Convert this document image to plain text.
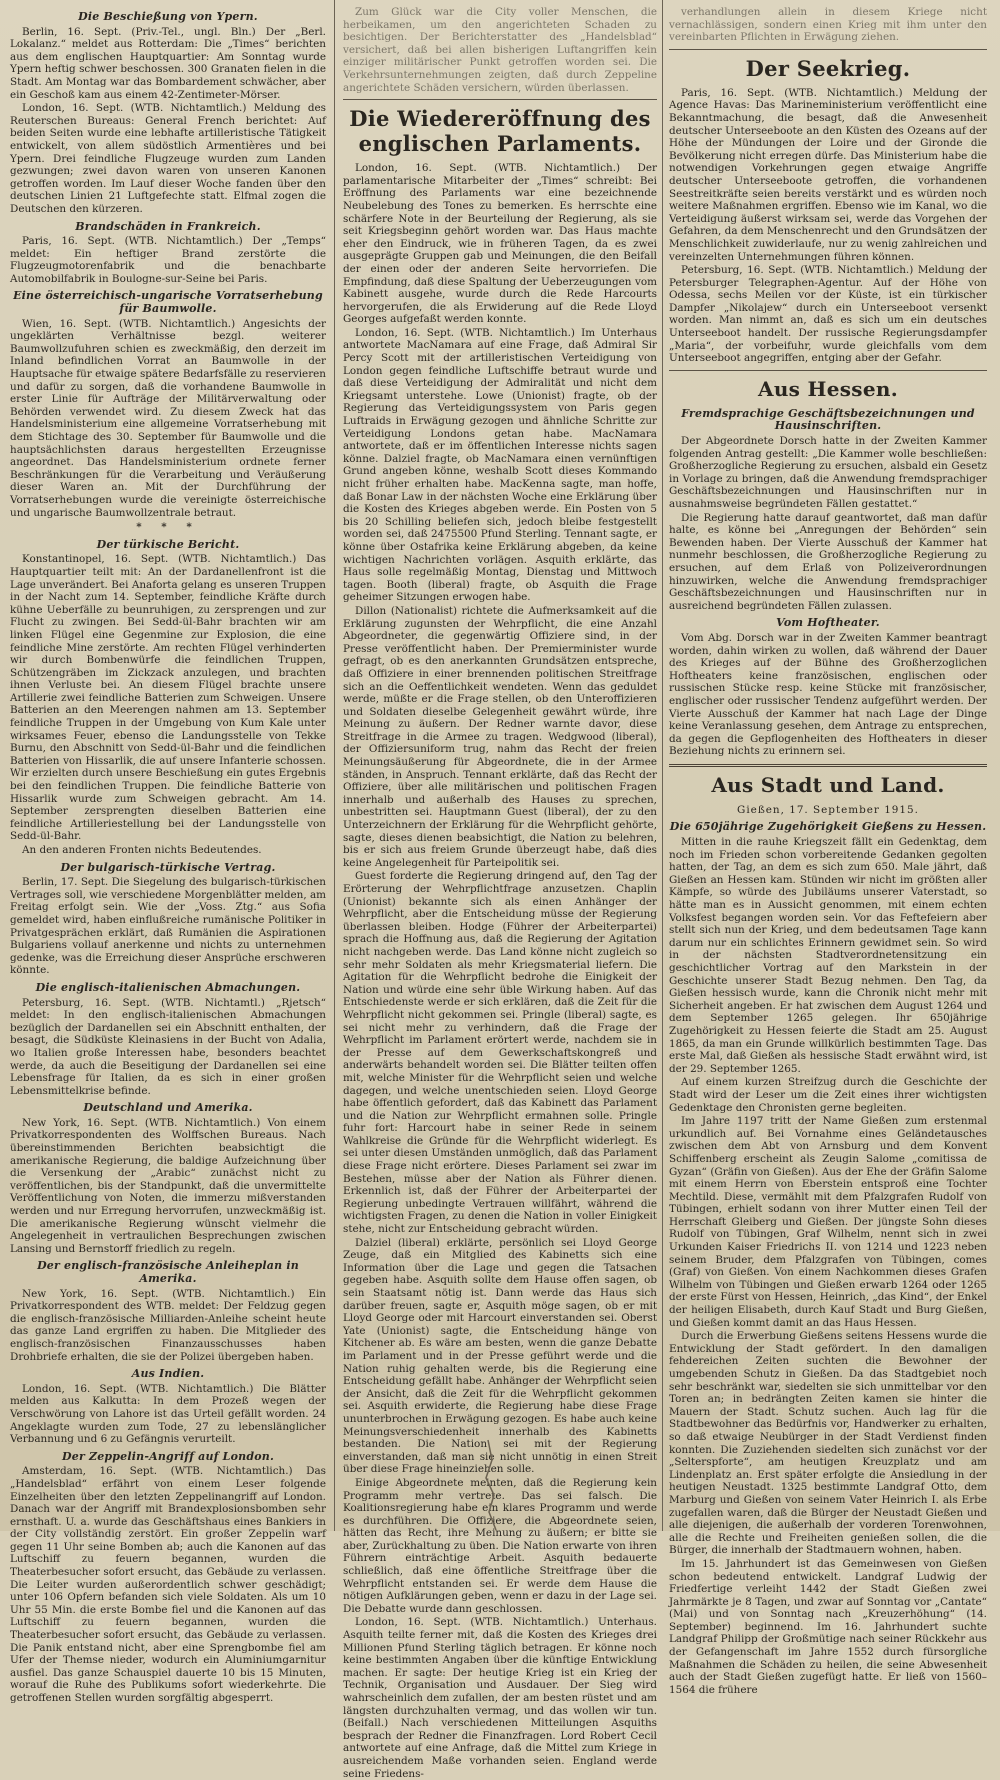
Die Beschießung von Ypern.

Berlin, 16. Sept. (Priv.-Tel., ungl. Bln.) Der „Berl. Lokalanz.“ meldet aus Rotterdam: Die „Times“ berichten aus dem englischen Hauptquartier: Am Sonntag wurde Ypern heftig schwer beschossen. 300 Granaten fielen in die Stadt. Am Montag war das Bombardement schwächer, aber ein Geschoß kam aus einem 42-Zentimeter-Mörser.

London, 16. Sept. (WTB. Nichtamtlich.) Meldung des Reuterschen Bureaus: General French berichtet: Auf beiden Seiten wurde eine lebhafte artilleristische Tätigkeit entwickelt, von allem südöstlich Armentières und bei Ypern. Drei feindliche Flugzeuge wurden zum Landen gezwungen; zwei davon waren von unseren Kanonen getroffen worden. Im Lauf dieser Woche fanden über den deutschen Linien 21 Luftgefechte statt. Elfmal zogen die Deutschen den kürzeren.

Brandschäden in Frankreich.

Paris, 16. Sept. (WTB. Nichtamtlich.) Der „Temps“ meldet: Ein heftiger Brand zerstörte die Flugzeugmotorenfabrik und die benachbarte Automobilfabrik in Boulogne-sur-Seine bei Paris.

Eine österreichisch-ungarische Vorratserhebung für Baumwolle.

Wien, 16. Sept. (WTB. Nichtamtlich.) Angesichts der ungeklärten Verhältnisse bezgl. weiterer Baumwollzufuhren schien es zweckmäßig, den derzeit im Inland befindlichen Vorrat an Baumwolle in der Hauptsache für etwaige spätere Bedarfsfälle zu reservieren und dafür zu sorgen, daß die vorhandene Baumwolle in erster Linie für Aufträge der Militärverwaltung oder Behörden verwendet wird. Zu diesem Zweck hat das Handelsministerium eine allgemeine Vorratserhebung mit dem Stichtage des 30. September für Baumwolle und die hauptsächlichsten daraus hergestellten Erzeugnisse angeordnet. Das Handelsministerium ordnete ferner Beschränkungen für die Verarbeitung und Veräußerung dieser Waren an. Mit der Durchführung der Vorratserhebungen wurde die vereinigte österreichische und ungarische Baumwollzentrale betraut.

* * *
Der türkische Bericht.

Konstantinopel, 16. Sept. (WTB. Nichtamtlich.) Das Hauptquartier teilt mit: An der Dardanellenfront ist die Lage unverändert. Bei Anaforta gelang es unseren Truppen in der Nacht zum 14. September, feindliche Kräfte durch kühne Ueberfälle zu beunruhigen, zu zersprengen und zur Flucht zu zwingen. Bei Sedd-ül-Bahr brachten wir am linken Flügel eine Gegenmine zur Explosion, die eine feindliche Mine zerstörte. Am rechten Flügel verhinderten wir durch Bombenwürfe die feindlichen Truppen, Schützengräben im Zickzack anzulegen, und brachten ihnen Verluste bei. An diesem Flügel brachte unsere Artillerie zwei feindliche Batterien zum Schweigen. Unsere Batterien an den Meerengen nahmen am 13. September feindliche Truppen in der Umgebung von Kum Kale unter wirksames Feuer, ebenso die Landungsstelle von Tekke Burnu, den Abschnitt von Sedd-ül-Bahr und die feindlichen Batterien von Hissarlik, die auf unsere Infanterie schossen. Wir erzielten durch unsere Beschießung ein gutes Ergebnis bei den feindlichen Truppen. Die feindliche Batterie von Hissarlik wurde zum Schweigen gebracht. Am 14. September zersprengten dieselben Batterien eine feindliche Artilleriestellung bei der Landungsstelle von Sedd-ül-Bahr.

An den anderen Fronten nichts Bedeutendes.

Der bulgarisch-türkische Vertrag.

Berlin, 17. Sept. Die Siegelung des bulgarisch-türkischen Vertrages soll, wie verschiedene Morgenblätter melden, am Freitag erfolgt sein. Wie der „Voss. Ztg.“ aus Sofia gemeldet wird, haben einflußreiche rumänische Politiker in Privatgesprächen erklärt, daß Rumänien die Aspirationen Bulgariens vollauf anerkenne und nichts zu unternehmen gedenke, was die Erreichung dieser Ansprüche erschweren könnte.

Die englisch-italienischen Abmachungen.

Petersburg, 16. Sept. (WTB. Nichtamtl.) „Rjetsch“ meldet: In den englisch-italienischen Abmachungen bezüglich der Dardanellen sei ein Abschnitt enthalten, der besagt, die Südküste Kleinasiens in der Bucht von Adalia, wo Italien große Interessen habe, besonders beachtet werde, da auch die Beseitigung der Dardanellen sei eine Lebensfrage für Italien, da es sich in einer großen Lebensmittelkrise befinde.

Deutschland und Amerika.

New York, 16. Sept. (WTB. Nichtamtlich.) Von einem Privatkorrespondenten des Wolffschen Bureaus. Nach übereinstimmenden Berichten beabsichtigt die amerikanische Regierung, die baldige Aufzeichnung über die Versenkung der „Arabic“ zunächst nicht zu veröffentlichen, bis der Standpunkt, daß die unvermittelte Veröffentlichung von Noten, die immerzu mißverstanden werden und nur Erregung hervorrufen, unzweckmäßig ist. Die amerikanische Regierung wünscht vielmehr die Angelegenheit in vertraulichen Besprechungen zwischen Lansing und Bernstorff friedlich zu regeln.

Der englisch-französische Anleiheplan in Amerika.

New York, 16. Sept. (WTB. Nichtamtlich.) Ein Privatkorrespondent des WTB. meldet: Der Feldzug gegen die englisch-französische Milliarden-Anleihe scheint heute das ganze Land ergriffen zu haben. Die Mitglieder des englisch-französischen Finanzausschusses haben Drohbriefe erhalten, die sie der Polizei übergeben haben.

Aus Indien.

London, 16. Sept. (WTB. Nichtamtlich.) Die Blätter melden aus Kalkutta: In dem Prozeß wegen der Verschwörung von Lahore ist das Urteil gefällt worden. 24 Angeklagte wurden zum Tode, 27 zu lebenslänglicher Verbannung und 6 zu Gefängnis verurteilt.

Der Zeppelin-Angriff auf London.

Amsterdam, 16. Sept. (WTB. Nichtamtlich.) Das „Handelsblad“ erfährt von einem Leser folgende Einzelheiten über den letzten Zeppelinangriff auf London. Danach war der Angriff mit Brandexplosionsbomben sehr ernsthaft. U. a. wurde das Geschäftshaus eines Bankiers in der City vollständig zerstört. Ein großer Zeppelin warf gegen 11 Uhr seine Bomben ab; auch die Kanonen auf das Luftschiff zu feuern begannen, wurden die Theaterbesucher sofort ersucht, das Gebäude zu verlassen. Die Leiter wurden außerordentlich schwer geschädigt; unter 106 Opfern befanden sich viele Soldaten. Als um 10 Uhr 55 Min. die erste Bombe fiel und die Kanonen auf das Luftschiff zu feuern begannen, wurden die Theaterbesucher sofort ersucht, das Gebäude zu verlassen. Die Panik entstand nicht, aber eine Sprengbombe fiel am Ufer der Themse nieder, wodurch ein Aluminiumgarnitur ausfiel. Das ganze Schauspiel dauerte 10 bis 15 Minuten, worauf die Ruhe des Publikums sofort wiederkehrte. Die getroffenen Stellen wurden sorgfältig abgesperrt.

Zum Glück war die City voller Menschen, die herbeikamen, um den angerichteten Schaden zu besichtigen. Der Berichterstatter des „Handelsblad“ versichert, daß bei allen bisherigen Luftangriffen kein einziger militärischer Punkt getroffen worden sei. Die Verkehrsunternehmungen zeigten, daß durch Zeppeline angerichtete Schäden versichern, würden überlassen.

Die Wiedereröffnung des englischen Parlaments.

London, 16. Sept. (WTB. Nichtamtlich.) Der parlamentarische Mitarbeiter der „Times“ schreibt: Bei Eröffnung des Parlaments war eine bezeichnende Neubelebung des Tones zu bemerken. Es herrschte eine schärfere Note in der Beurteilung der Regierung, als sie seit Kriegsbeginn gehört worden war. Das Haus machte eher den Eindruck, wie in früheren Tagen, da es zwei ausgeprägte Gruppen gab und Meinungen, die den Beifall der einen oder der anderen Seite hervorriefen. Die Empfindung, daß diese Spaltung der Ueberzeugungen vom Kabinett ausgehe, wurde durch die Rede Harcourts hervorgerufen, die als Erwiderung auf die Rede Lloyd Georges aufgefaßt werden konnte.

London, 16. Sept. (WTB. Nichtamtlich.) Im Unterhaus antwortete MacNamara auf eine Frage, daß Admiral Sir Percy Scott mit der artilleristischen Verteidigung von London gegen feindliche Luftschiffe betraut wurde und daß diese Verteidigung der Admiralität und nicht dem Kriegsamt unterstehe. Lowe (Unionist) fragte, ob der Regierung das Verteidigungssystem von Paris gegen Luftraids in Erwägung gezogen und ähnliche Schritte zur Verteidigung Londons getan habe. MacNamara antwortete, daß er im öffentlichen Interesse nichts sagen könne. Dalziel fragte, ob MacNamara einen vernünftigen Grund angeben könne, weshalb Scott dieses Kommando nicht früher erhalten habe. MacKenna sagte, man hoffe, daß Bonar Law in der nächsten Woche eine Erklärung über die Kosten des Krieges abgeben werde. Ein Posten von 5 bis 20 Schilling beliefen sich, jedoch bleibe festgestellt worden sei, daß 2475500 Pfund Sterling. Tennant sagte, er könne über Ostafrika keine Erklärung abgeben, da keine wichtigen Nachrichten vorlägen. Asquith erklärte, das Haus solle regelmäßig Montag, Dienstag und Mittwoch tagen. Booth (liberal) fragte, ob Asquith die Frage geheimer Sitzungen erwogen habe.

Dillon (Nationalist) richtete die Aufmerksamkeit auf die Erklärung zugunsten der Wehrpflicht, die eine Anzahl Abgeordneter, die gegenwärtig Offiziere sind, in der Presse veröffentlicht haben. Der Premierminister wurde gefragt, ob es den anerkannten Grundsätzen entspreche, daß Offiziere in einer brennenden politischen Streitfrage sich an die Oeffentlichkeit wendeten. Wenn das geduldet werde, müßte er die Frage stellen, ob den Unteroffizieren und Soldaten dieselbe Gelegenheit gewährt würde, ihre Meinung zu äußern. Der Redner warnte davor, diese Streitfrage in die Armee zu tragen. Wedgwood (liberal), der Offiziersuniform trug, nahm das Recht der freien Meinungsäußerung für Abgeordnete, die in der Armee ständen, in Anspruch. Tennant erklärte, daß das Recht der Offiziere, über alle militärischen und politischen Fragen innerhalb und außerhalb des Hauses zu sprechen, unbestritten sei. Hauptmann Guest (liberal), der zu den Unterzeichnern der Erklärung für die Wehrpflicht gehörte, sagte, dieses dienen beabsichtigt, die Nation zu belehren, bis er sich aus freiem Grunde überzeugt habe, daß dies keine Angelegenheit für Parteipolitik sei.

Guest forderte die Regierung dringend auf, den Tag der Erörterung der Wehrpflichtfrage anzusetzen. Chaplin (Unionist) bekannte sich als einen Anhänger der Wehrpflicht, aber die Entscheidung müsse der Regierung überlassen bleiben. Hodge (Führer der Arbeiterpartei) sprach die Hoffnung aus, daß die Regierung der Agitation nicht nachgeben werde. Das Land könne nicht zugleich so sehr mehr Soldaten als mehr Kriegsmaterial liefern. Die Agitation für die Wehrpflicht bedrohe die Einigkeit der Nation und würde eine sehr üble Wirkung haben. Auf das Entschiedenste werde er sich erklären, daß die Zeit für die Wehrpflicht nicht gekommen sei. Pringle (liberal) sagte, es sei nicht mehr zu verhindern, daß die Frage der Wehrpflicht im Parlament erörtert werde, nachdem sie in der Presse auf dem Gewerkschaftskongreß und anderwärts behandelt worden sei. Die Blätter teilten offen mit, welche Minister für die Wehrpflicht seien und welche dagegen, und welche unentschieden seien. Lloyd George habe öffentlich gefordert, daß das Kabinett das Parlament und die Nation zur Wehrpflicht ermahnen solle. Pringle fuhr fort: Harcourt habe in seiner Rede in seinem Wahlkreise die Gründe für die Wehrpflicht widerlegt. Es sei unter diesen Umständen unmöglich, daß das Parlament diese Frage nicht erörtere. Dieses Parlament sei zwar im Bestehen, müsse aber der Nation als Führer dienen. Erkennlich ist, daß der Führer der Arbeiterpartei der Regierung unbedingte Vertrauen willfährt, während die wichtigsten Fragen, zu denen die Nation in voller Einigkeit stehe, nicht zur Entscheidung gebracht würden.

Dalziel (liberal) erklärte, persönlich sei Lloyd George Zeuge, daß ein Mitglied des Kabinetts sich eine Information über die Lage und gegen die Tatsachen gegeben habe. Asquith sollte dem Hause offen sagen, ob sein Staatsamt nötig ist. Dann werde das Haus sich darüber freuen, sagte er, Asquith möge sagen, ob er mit Lloyd George oder mit Harcourt einverstanden sei. Oberst Yate (Unionist) sagte, die Entscheidung hänge von Kitchener ab. Es wäre am besten, wenn die ganze Debatte im Parlament und in der Presse geführt werde und die Nation ruhig gehalten werde, bis die Regierung eine Entscheidung gefällt habe. Anhänger der Wehrpflicht seien der Ansicht, daß die Zeit für die Wehrpflicht gekommen sei. Asquith erwiderte, die Regierung habe diese Frage ununterbrochen in Erwägung gezogen. Es habe auch keine Meinungsverschiedenheit innerhalb des Kabinetts bestanden. Die Nation sei mit der Regierung einverstanden, daß man sie nicht unnötig in einen Streit über diese Frage hineinziehen solle.

Einige Abgeordnete meinten, daß die Regierung kein Programm mehr vertrete. Das sei falsch. Die Koalitionsregierung habe ein klares Programm und werde es durchführen. Die Offiziere, die Abgeordnete seien, hätten das Recht, ihre Meinung zu äußern; er bitte sie aber, Zurückhaltung zu üben. Die Nation erwarte von ihren Führern einträchtige Arbeit. Asquith bedauerte schließlich, daß eine öffentliche Streitfrage über die Wehrpflicht entstanden sei. Er werde dem Hause die nötigen Aufklärungen geben, wenn er dazu in der Lage sei. Die Debatte wurde dann geschlossen.

London, 16. Sept. (WTB. Nichtamtlich.) Unterhaus. Asquith teilte ferner mit, daß die Kosten des Krieges drei Millionen Pfund Sterling täglich betragen. Er könne noch keine bestimmten Angaben über die künftige Entwicklung machen. Er sagte: Der heutige Krieg ist ein Krieg der Technik, Organisation und Ausdauer. Der Sieg wird wahrscheinlich dem zufallen, der am besten rüstet und am längsten durchzuhalten vermag, und das wollen wir tun. (Beifall.) Nach verschiedenen Mitteilungen Asquiths besprach der Redner die Finanzfragen. Lord Robert Cecil antwortete auf eine Anfrage, daß die Mittel zum Kriege in ausreichendem Maße vorhanden seien. England werde seine Friedens-

verhandlungen allein in diesem Kriege nicht vernachlässigen, sondern einen Krieg mit ihm unter den vereinbarten Pflichten in Erwägung ziehen.

Der Seekrieg.

Paris, 16. Sept. (WTB. Nichtamtlich.) Meldung der Agence Havas: Das Marineministerium veröffentlicht eine Bekanntmachung, die besagt, daß die Anwesenheit deutscher Unterseeboote an den Küsten des Ozeans auf der Höhe der Mündungen der Loire und der Gironde die Bevölkerung nicht erregen dürfe. Das Ministerium habe die notwendigen Vorkehrungen gegen etwaige Angriffe deutscher Unterseeboote getroffen, die vorhandenen Seestreitkräfte seien bereits verstärkt und es würden noch weitere Maßnahmen ergriffen. Ebenso wie im Kanal, wo die Verteidigung äußerst wirksam sei, werde das Vorgehen der Gefahren, da dem Menschenrecht und den Grundsätzen der Menschlichkeit zuwiderlaufe, nur zu wenig zahlreichen und vereinzelten Unternehmungen führen können.

Petersburg, 16. Sept. (WTB. Nichtamtlich.) Meldung der Petersburger Telegraphen-Agentur. Auf der Höhe von Odessa, sechs Meilen vor der Küste, ist ein türkischer Dampfer „Nikolajew“ durch ein Unterseeboot versenkt worden. Man nimmt an, daß es sich um ein deutsches Unterseeboot handelt. Der russische Regierungsdampfer „Maria“, der vorbeifuhr, wurde gleichfalls vom dem Unterseeboot angegriffen, entging aber der Gefahr.

Aus Hessen.
Fremdsprachige Geschäftsbezeichnungen und Hausinschriften.

Der Abgeordnete Dorsch hatte in der Zweiten Kammer folgenden Antrag gestellt: „Die Kammer wolle beschließen: Großherzogliche Regierung zu ersuchen, alsbald ein Gesetz in Vorlage zu bringen, daß die Anwendung fremdsprachiger Geschäftsbezeichnungen und Hausinschriften nur in ausnahmsweise begründeten Fällen gestattet.“

Die Regierung hatte darauf geantwortet, daß man dafür halte, es könne bei „Anregungen der Behörden“ sein Bewenden haben. Der Vierte Ausschuß der Kammer hat nunmehr beschlossen, die Großherzogliche Regierung zu ersuchen, auf dem Erlaß von Polizeiverordnungen hinzuwirken, welche die Anwendung fremdsprachiger Geschäftsbezeichnungen und Hausinschriften nur in ausreichend begründeten Fällen zulassen.

Vom Hoftheater.

Vom Abg. Dorsch war in der Zweiten Kammer beantragt worden, dahin wirken zu wollen, daß während der Dauer des Krieges auf der Bühne des Großherzoglichen Hoftheaters keine französischen, englischen oder russischen Stücke resp. keine Stücke mit französischer, englischer oder russischer Tendenz aufgeführt werden. Der Vierte Ausschuß der Kammer hat nach Lage der Dinge keine Veranlassung gesehen, dem Antrage zu entsprechen, da gegen die Gepflogenheiten des Hoftheaters in dieser Beziehung nichts zu erinnern sei.

Aus Stadt und Land.
Gießen, 17. September 1915.
Die 650jährige Zugehörigkeit Gießens zu Hessen.

Mitten in die rauhe Kriegszeit fällt ein Gedenktag, dem noch im Frieden schon vorbereitende Gedanken gegolten hatten, der Tag, an dem es sich zum 650. Male jährt, daß Gießen an Hessen kam. Stünden wir nicht im größten aller Kämpfe, so würde des Jubiläums unserer Vaterstadt, so hätte man es in Aussicht genommen, mit einem echten Volksfest begangen worden sein. Vor das Feftefeiern aber stellt sich nun der Krieg, und dem bedeutsamen Tage kann darum nur ein schlichtes Erinnern gewidmet sein. So wird in der nächsten Stadtverordnetensitzung ein geschichtlicher Vortrag auf den Markstein in der Geschichte unserer Stadt Bezug nehmen. Den Tag, da Gießen hessisch wurde, kann die Chronik nicht mehr mit Sicherheit angeben. Er hat zwischen dem August 1264 und dem September 1265 gelegen. Ihr 650jährige Zugehörigkeit zu Hessen feierte die Stadt am 25. August 1865, da man ein Grunde willkürlich bestimmten Tage. Das erste Mal, daß Gießen als hessische Stadt erwähnt wird, ist der 29. September 1265.

Auf einem kurzen Streifzug durch die Geschichte der Stadt wird der Leser um die Zeit eines ihrer wichtigsten Gedenktage den Chronisten gerne begleiten.

Im Jahre 1197 tritt der Name Gießen zum erstenmal urkundlich auf. Bei Vornahme eines Geländetausches zwischen dem Abt von Arnsburg und dem Konvent Schiffenberg erscheint als Zeugin Salome „comitissa de Gyzan“ (Gräfin von Gießen). Aus der Ehe der Gräfin Salome mit einem Herrn von Eberstein entsproß eine Tochter Mechtild. Diese, vermählt mit dem Pfalzgrafen Rudolf von Tübingen, erhielt sodann von ihrer Mutter einen Teil der Herrschaft Gleiberg und Gießen. Der jüngste Sohn dieses Rudolf von Tübingen, Graf Wilhelm, nennt sich in zwei Urkunden Kaiser Friedrichs II. von 1214 und 1223 neben seinem Bruder, dem Pfalzgrafen von Tübingen, comes (Graf) von Gießen. Von einem Nachkommen dieses Grafen Wilhelm von Tübingen und Gießen erwarb 1264 oder 1265 der erste Fürst von Hessen, Heinrich, „das Kind“, der Enkel der heiligen Elisabeth, durch Kauf Stadt und Burg Gießen, und Gießen kommt damit an das Haus Hessen.

Durch die Erwerbung Gießens seitens Hessens wurde die Entwicklung der Stadt gefördert. In den damaligen fehdereichen Zeiten suchten die Bewohner der umgebenden Schutz in Gießen. Da das Stadtgebiet noch sehr beschränkt war, siedelten sie sich unmittelbar vor den Toren an; in bedrängten Zeiten kamen sie hinter die Mauern der Stadt. Schutz suchen. Auch lag für die Stadtbewohner das Bedürfnis vor, Handwerker zu erhalten, so daß etwaige Neubürger in der Stadt Verdienst finden konnten. Die Zuziehenden siedelten sich zunächst vor der „Selterspforte“, am heutigen Kreuzplatz und am Lindenplatz an. Erst später erfolgte die Ansiedlung in der heutigen Neustadt. 1325 bestimmte Landgraf Otto, dem Marburg und Gießen von seinem Vater Heinrich I. als Erbe zugefallen waren, daß die Bürger der Neustadt Gießen und alle diejenigen, die außerhalb der vorderen Torenwohnen, alle die Rechte und Freiheiten genießen sollen, die die Bürger, die innerhalb der Stadtmauern wohnen, haben.

Im 15. Jahrhundert ist das Gemeinwesen von Gießen schon bedeutend entwickelt. Landgraf Ludwig der Friedfertige verleiht 1442 der Stadt Gießen zwei Jahrmärkte je 8 Tagen, und zwar auf Sonntag vor „Cantate“ (Mai) und von Sonntag nach „Kreuzerhöhung“ (14. September) beginnend. Im 16. Jahrhundert suchte Landgraf Philipp der Großmütige nach seiner Rückkehr aus der Gefangenschaft im Jahre 1552 durch fürsorgliche Maßnahmen die Schäden zu heilen, die seine Abwesenheit auch der Stadt Gießen zugefügt hatte. Er ließ von 1560–1564 die frühere
